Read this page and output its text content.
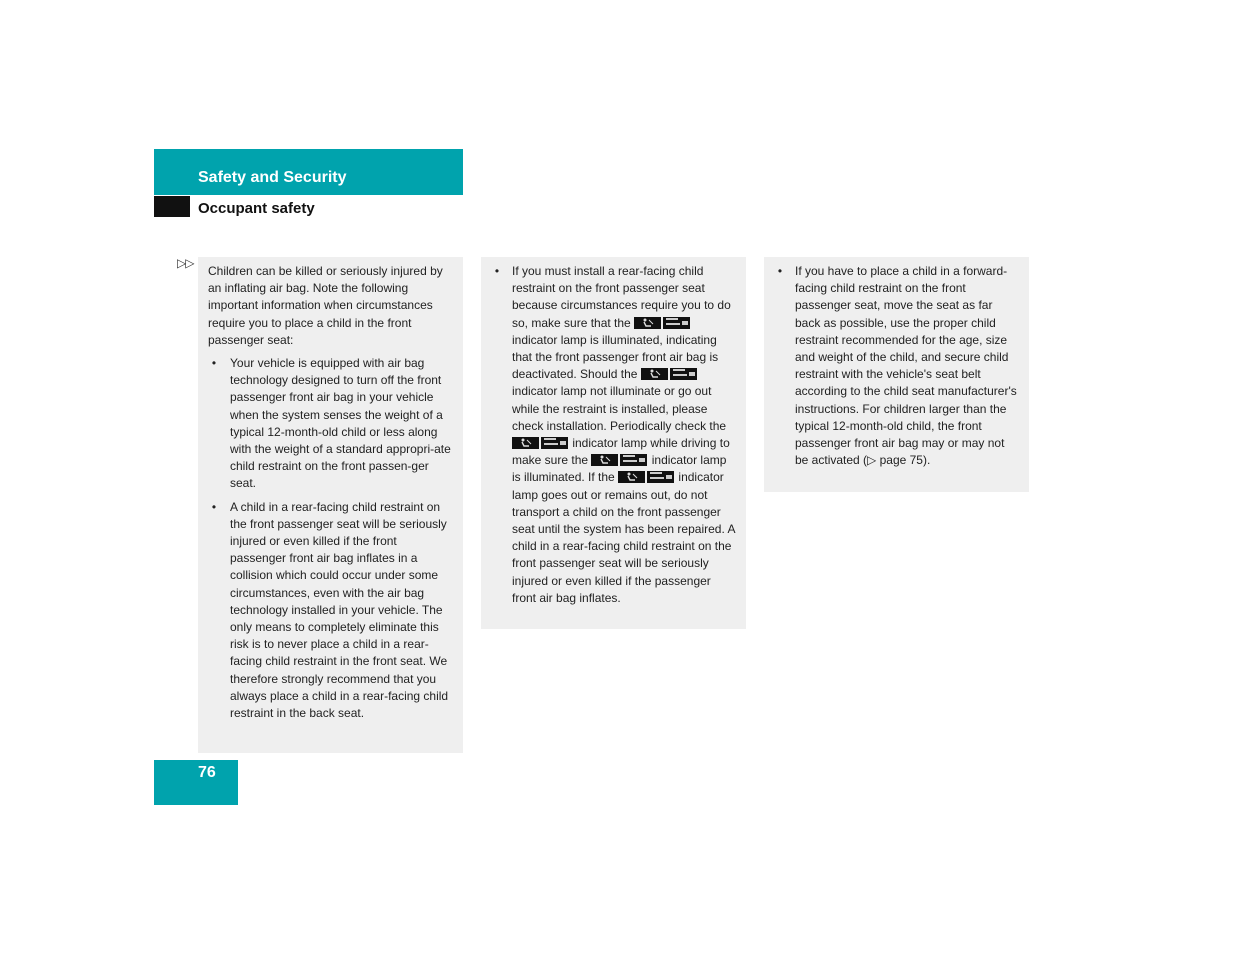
Safety and Security
Occupant safety
▷▷

Children can be killed or seriously injured by an inflating air bag. Note the following important information when circumstances require you to place a child in the front passenger seat:

•	Your vehicle is equipped with air bag technology designed to turn off the front passenger front air bag in your vehicle when the system senses the weight of a typical 12-month-old child or less along with the weight of a standard appropri-ate child restraint on the front passen-ger seat.
•	A child in a rear-facing child restraint on the front passenger seat will be seriously injured or even killed if the front passenger front air bag inflates in a collision which could occur under some circumstances, even with the air bag technology installed in your vehicle. The only means to completely eliminate this risk is to never place a child in a rear-facing child restraint in the front seat. We therefore strongly recommend that you always place a child in a rear-facing child restraint in the back seat.
•	If you must install a rear-facing child restraint on the front passenger seat because circumstances require you to do so, make sure that the
indicator lamp is illuminated, indicating that the front passenger front air bag is deactivated. Should the
indicator lamp not illuminate or go out while the restraint is installed, please check installation. Periodically check the
indicator lamp while driving to make sure the	indicator lamp is illuminated. If the	indicator lamp goes out or remains out, do not transport a child on the front passenger seat until the system has been repaired. A child in a rear-facing child restraint on the front passenger seat will be seriously injured or even killed if the passenger front air bag inflates.
•	If you have to place a child in a forward-facing child restraint on the front passenger seat, move the seat as far back as possible, use the proper child restraint recommended for the age, size and weight of the child, and secure child restraint with the vehicle's seat belt according to the child seat manufacturer's instructions. For children larger than the typical 12-month-old child, the front passenger front air bag may or may not be activated (▷ page 75).
76
